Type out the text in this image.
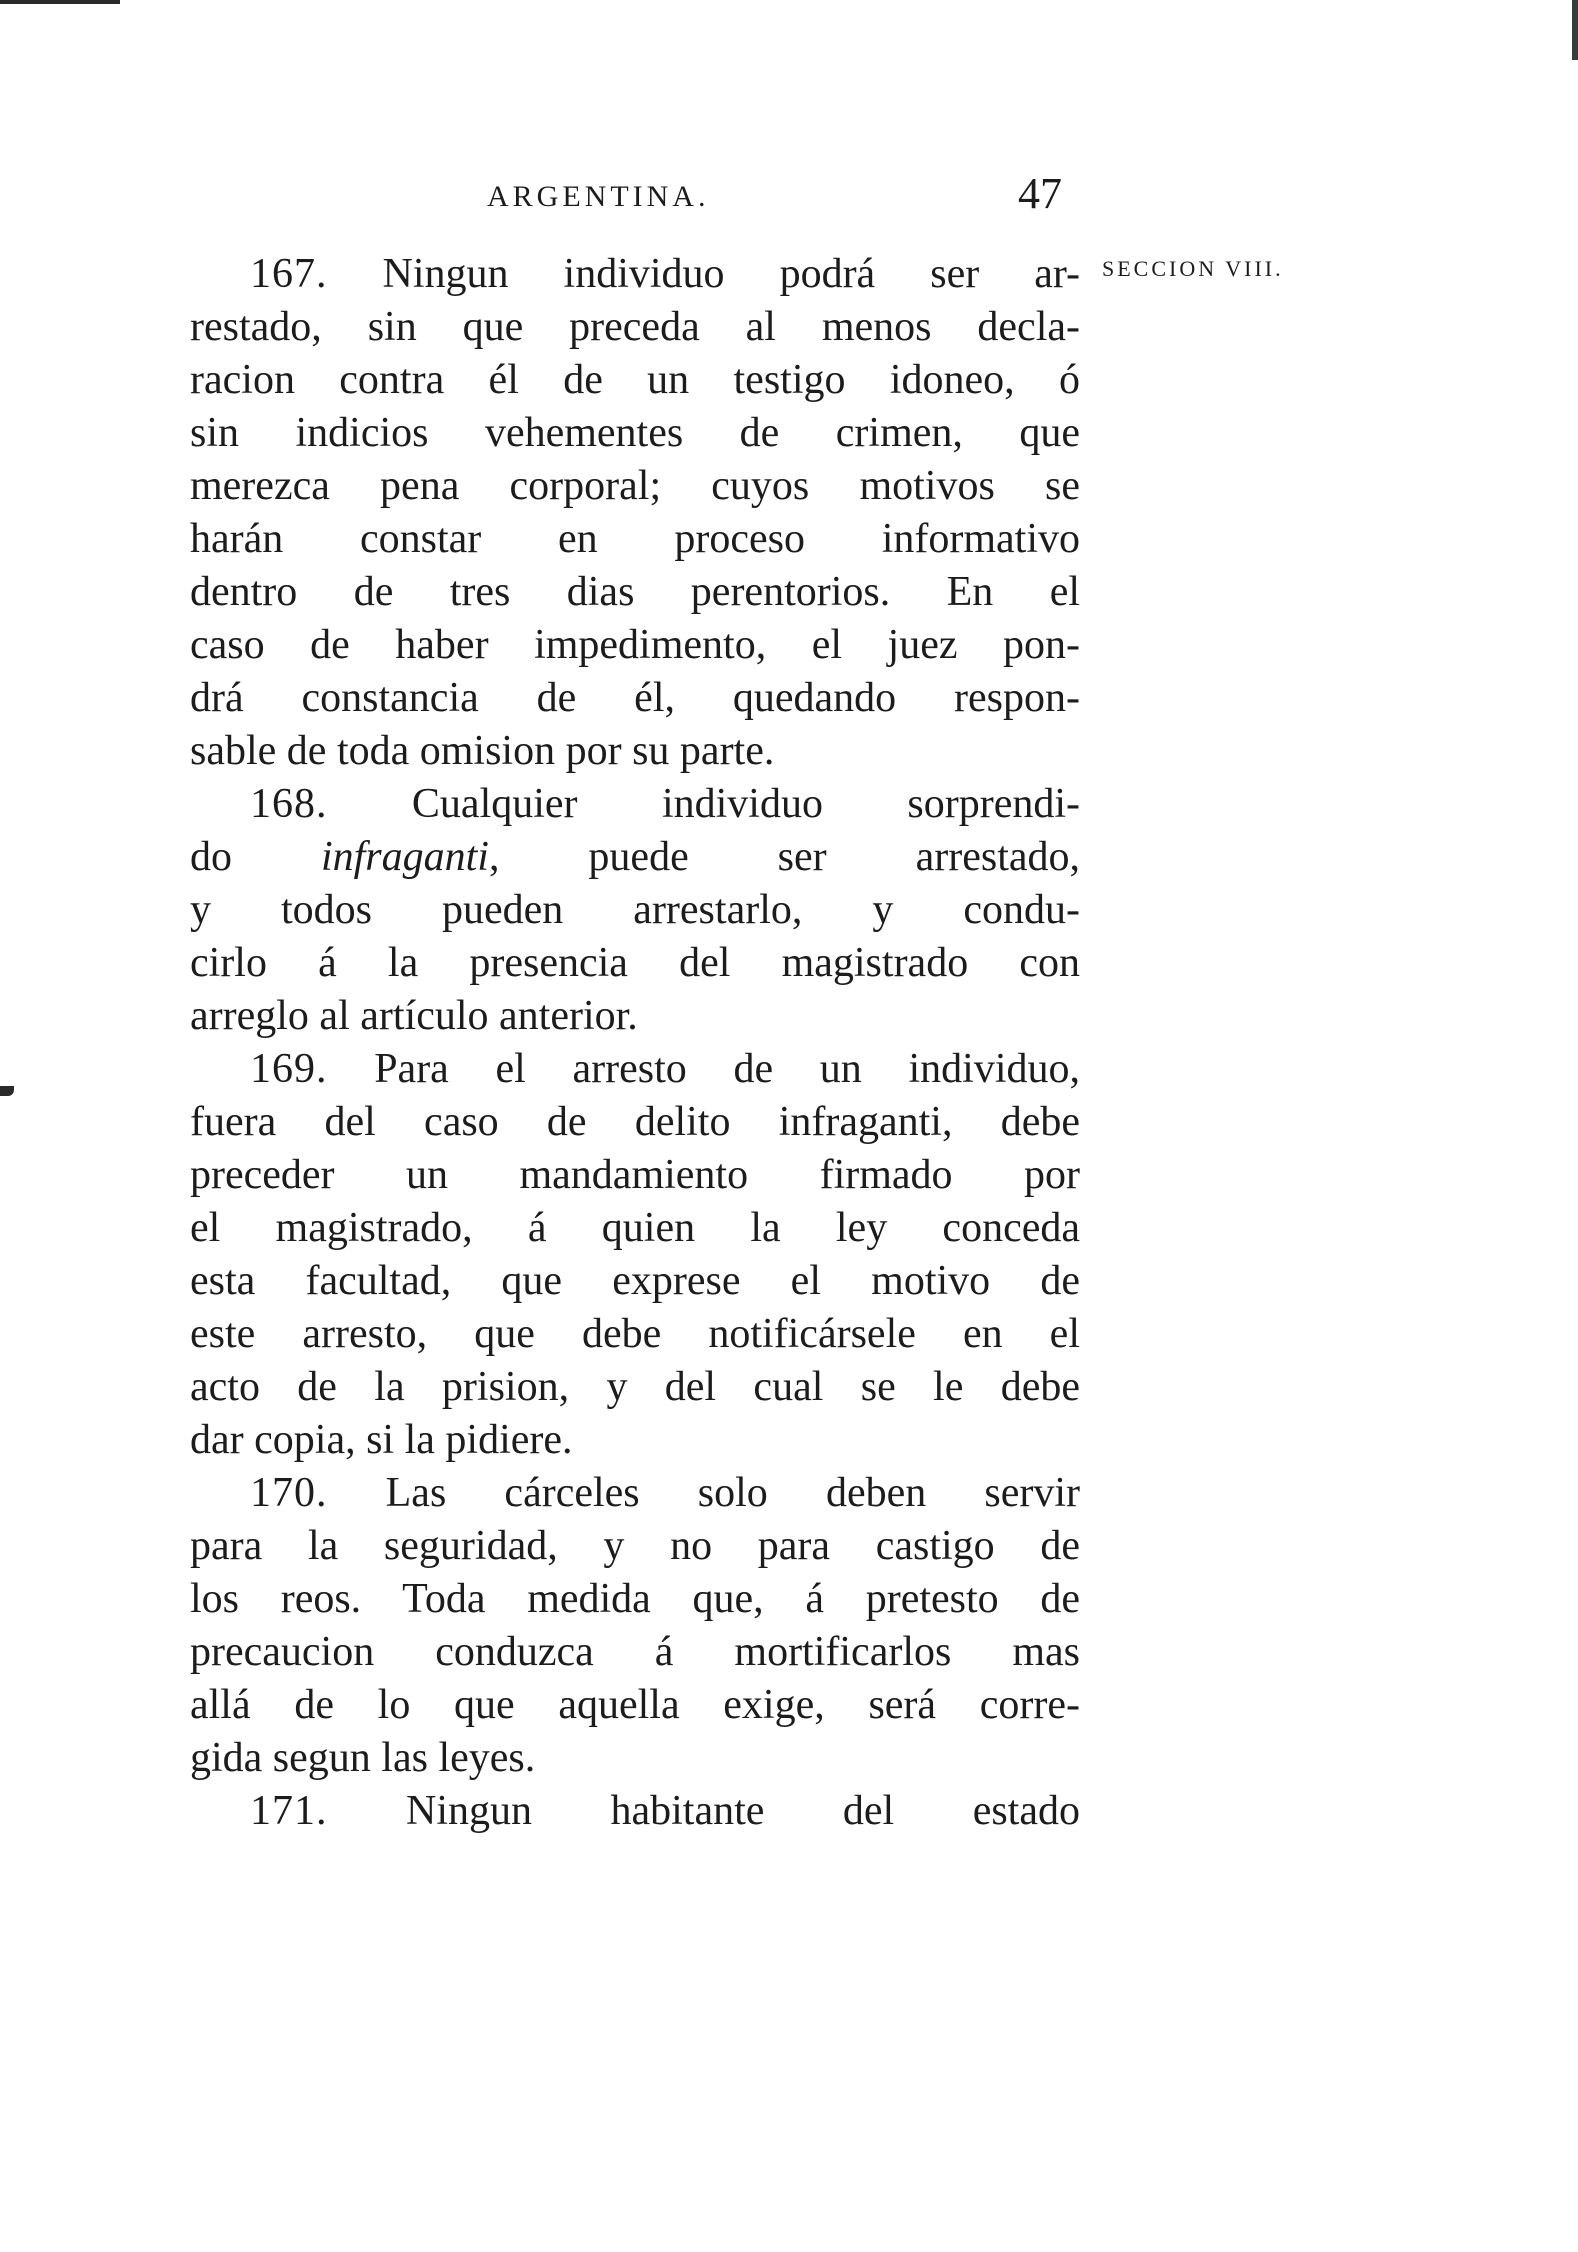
ARGENTINA.	47
SECCION VIII.
167. Ningun individuo podrá ser ar-
restado, sin que preceda al menos decla-
racion contra él de un testigo idoneo, ó
sin indicios vehementes de crimen, que
merezca pena corporal; cuyos motivos se
harán constar en proceso informativo
dentro de tres dias perentorios. En el
caso de haber impedimento, el juez pon-
drá constancia de él, quedando respon-
sable de toda omision por su parte.
168. Cualquier individuo sorprendi-
do infraganti, puede ser arrestado,
y todos pueden arrestarlo, y condu-
cirlo á la presencia del magistrado con
arreglo al artículo anterior.
169. Para el arresto de un individuo,
fuera del caso de delito infraganti, debe
preceder un mandamiento firmado por
el magistrado, á quien la ley conceda
esta facultad, que exprese el motivo de
este arresto, que debe notificársele en el
acto de la prision, y del cual se le debe
dar copia, si la pidiere.
170. Las cárceles solo deben servir
para la seguridad, y no para castigo de
los reos. Toda medida que, á pretesto de
precaucion conduzca á mortificarlos mas
allá de lo que aquella exige, será corre-
gida segun las leyes.
171. Ningun habitante del estado
